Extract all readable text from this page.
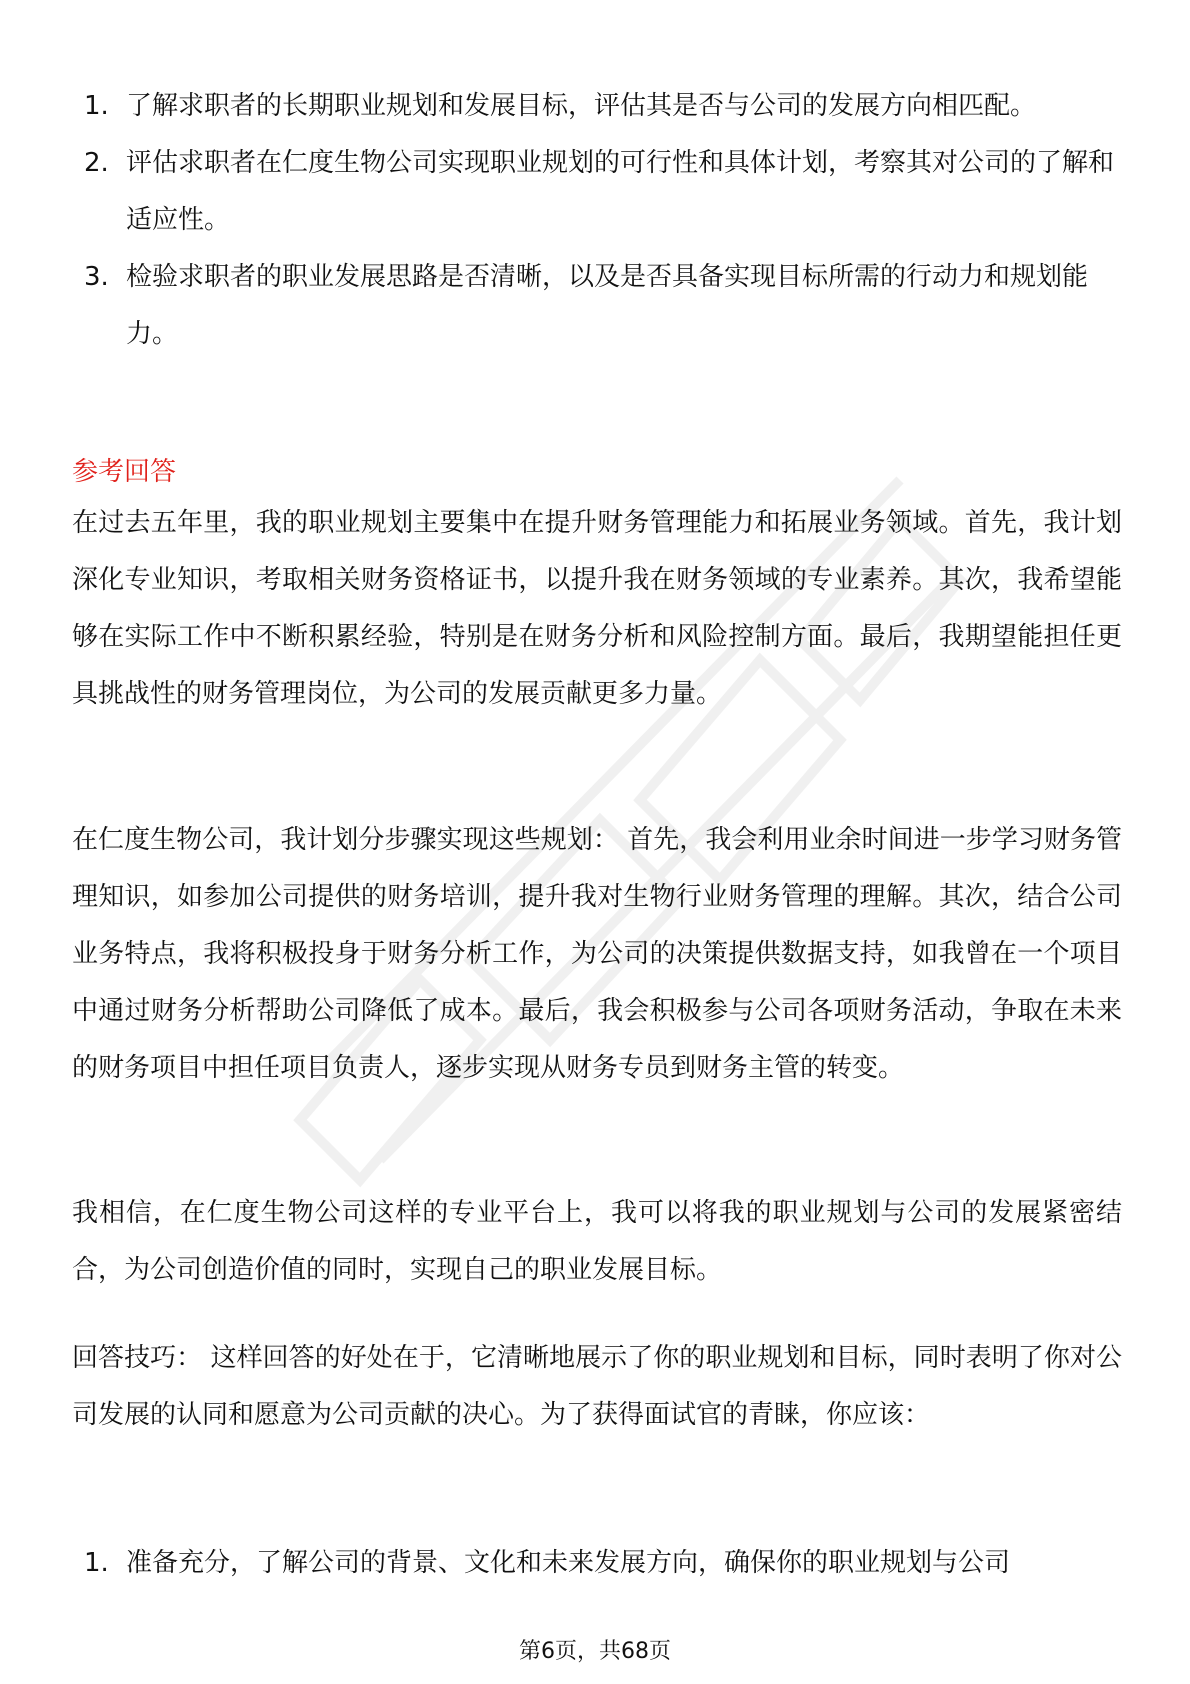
1. 了解求职者的长期职业规划和发展目标，评估其是否与公司的发展方向相匹配。
2. 评估求职者在仁度生物公司实现职业规划的可行性和具体计划，考察其对公司的了解和适应性。
3. 检验求职者的职业发展思路是否清晰，以及是否具备实现目标所需的行动力和规划能力。
参考回答

在过去五年里，我的职业规划主要集中在提升财务管理能力和拓展业务领域。首先，我计划深化专业知识，考取相关财务资格证书，以提升我在财务领域的专业素养。其次，我希望能够在实际工作中不断积累经验，特别是在财务分析和风险控制方面。最后，我期望能担任更具挑战性的财务管理岗位，为公司的发展贡献更多力量。

在仁度生物公司，我计划分步骤实现这些规划： 首先，我会利用业余时间进一步学习财务管理知识，如参加公司提供的财务培训，提升我对生物行业财务管理的理解。其次，结合公司业务特点，我将积极投身于财务分析工作，为公司的决策提供数据支持，如我曾在一个项目中通过财务分析帮助公司降低了成本。最后，我会积极参与公司各项财务活动，争取在未来的财务项目中担任项目负责人，逐步实现从财务专员到财务主管的转变。

我相信，在仁度生物公司这样的专业平台上，我可以将我的职业规划与公司的发展紧密结合，为公司创造价值的同时，实现自己的职业发展目标。

回答技巧： 这样回答的好处在于，它清晰地展示了你的职业规划和目标，同时表明了你对公司发展的认同和愿意为公司贡献的决心。为了获得面试官的青睐，你应该：

1. 准备充分，了解公司的背景、文化和未来发展方向，确保你的职业规划与公司
第6页，共68页
